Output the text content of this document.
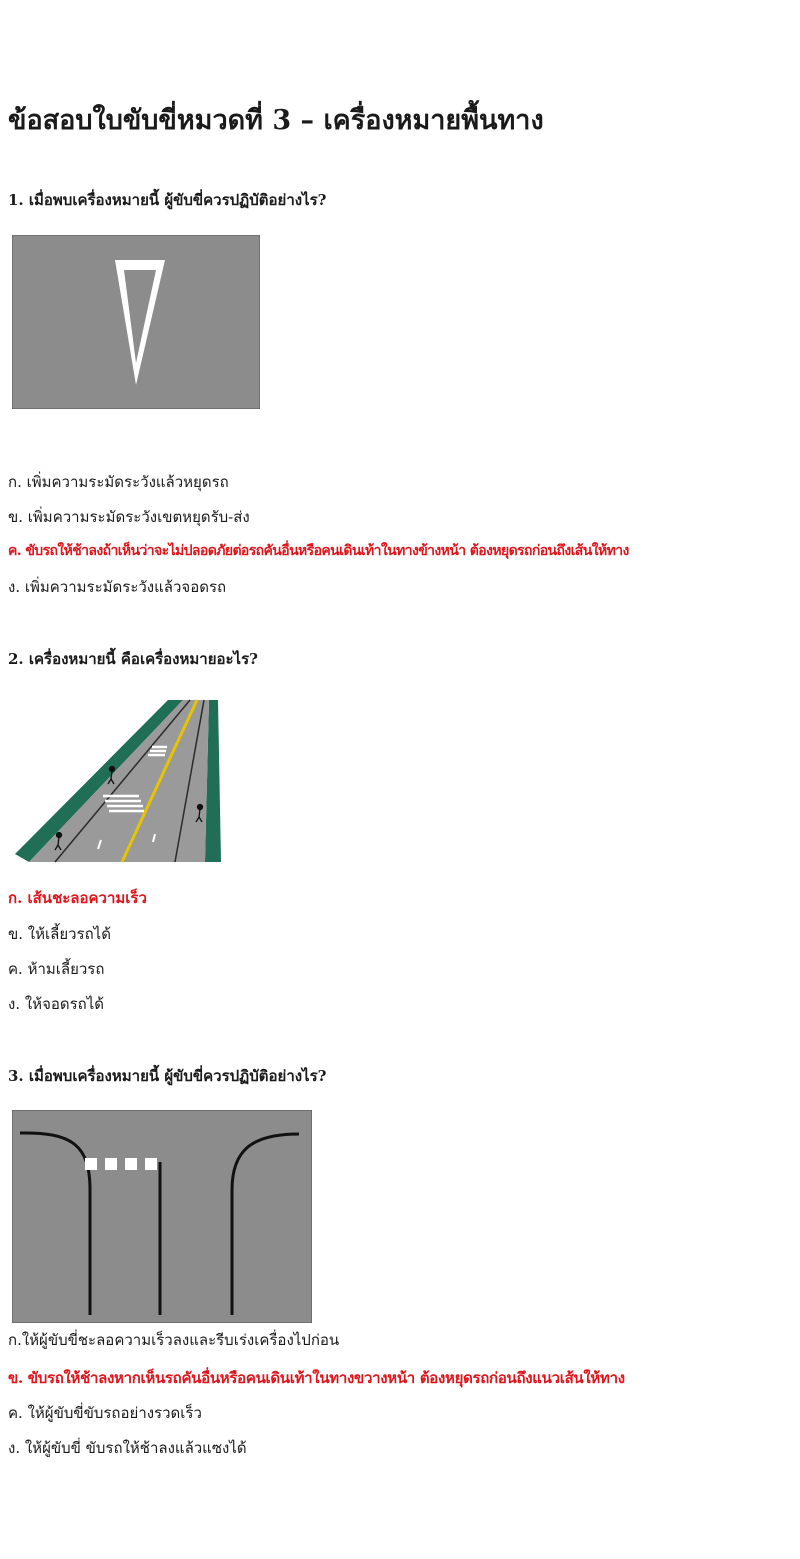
ข้อสอบใบขับขี่หมวดที่ 3 – เครื่องหมายพื้นทาง
1. เมื่อพบเครื่องหมายนี้ ผู้ขับขี่ควรปฏิบัติอย่างไร?
ก. เพิ่มความระมัดระวังแล้วหยุดรถ
ข. เพิ่มความระมัดระวังเขตหยุดรับ-ส่ง
ค. ขับรถให้ช้าลงถ้าเห็นว่าจะไม่ปลอดภัยต่อรถคันอื่นหรือคนเดินเท้าในทางข้างหน้า ต้องหยุดรถก่อนถึงเส้นให้ทาง
ง. เพิ่มความระมัดระวังแล้วจอดรถ
2. เครื่องหมายนี้ คือเครื่องหมายอะไร?
ก. เส้นชะลอความเร็ว
ข. ให้เลี้ยวรถได้
ค. ห้ามเลี้ยวรถ
ง. ให้จอดรถได้
3. เมื่อพบเครื่องหมายนี้ ผู้ขับขี่ควรปฏิบัติอย่างไร?
ก.ให้ผู้ขับขี่ชะลอความเร็วลงและรีบเร่งเครื่องไปก่อน
ข. ขับรถให้ช้าลงหากเห็นรถคันอื่นหรือคนเดินเท้าในทางขวางหน้า ต้องหยุดรถก่อนถึงแนวเส้นให้ทาง
ค. ให้ผู้ขับขี่ขับรถอย่างรวดเร็ว
ง. ให้ผู้ขับขี่ ขับรถให้ช้าลงแล้วแซงได้
